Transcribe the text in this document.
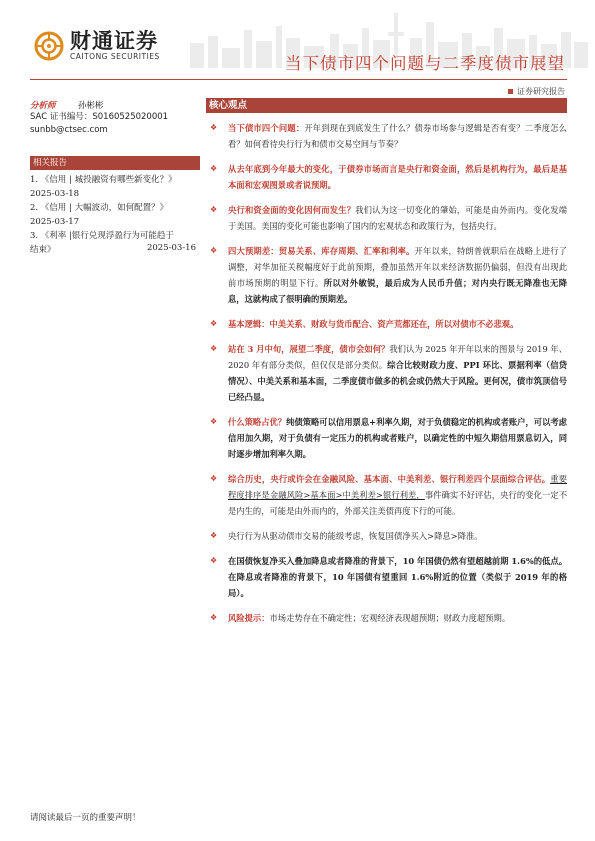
财通证券
CAITONG SECURITIES	当下债市四个问题与二季度债市展望
证券研究报告
分析师	孙彬彬
SAC 证书编号：S0160525020001
sunbb@ctsec.com
相关报告
1. 《信用 | 城投融资有哪些新变化？》
2025-03-18
2. 《信用 | 大幅波动，如何配置？》
2025-03-17
3. 《利率 |银行兑现浮盈行为可能趋于
结束》	2025-03-16
核心观点
❖ 当下债市四个问题：开年到现在到底发生了什么？债券市场参与逻辑是否有变？二季度怎么看？如何看待央行行为和债市交易空间与节奏？
❖ 从去年底到今年最大的变化，于债券市场而言是央行和资金面，然后是机构行为，最后是基本面和宏观图景或者说预期。
❖ 央行和资金面的变化因何而发生？我们认为这一切变化的肇始，可能是由外而内。变化发端于美国。美国的变化可能也影响了国内的宏观状态和政策行为，包括央行。
❖ 四大预期差：贸易关系、库存周期、汇率和利率。开年以来，特朗普就职后在战略上进行了调整，对华加征关税幅度好于此前预期，叠加虽然开年以来经济数据仍偏弱，但没有出现此前市场预期的明显下行。所以对外敏锐，最后成为人民币升值；对内央行既无降准也无降息，这就构成了很明确的预期差。
❖ 基本逻辑：中美关系、财政与货币配合、资产荒都还在，所以对债市不必悲观。
❖ 站在 3 月中旬，展望二季度，债市会如何？我们认为 2025 年开年以来的图景与 2019 年、2020 年有部分类似，但仅仅是部分类似。综合比较财政力度、PPI 环比、票据利率（信贷情况）、中美关系和基本面，二季度债市做多的机会或仍然大于风险。更何况，债市筑顶信号已经凸显。
❖ 什么策略占优？纯债策略可以信用票息+利率久期，对于负债稳定的机构或者账户，可以考虑信用加久期，对于负债有一定压力的机构或者账户，以确定性的中短久期信用票息切入，同时逐步增加利率久期。
❖ 综合历史，央行或许会在金融风险、基本面、中美利差、银行利差四个层面综合评估。重要程度排序是金融风险>基本面>中美利差>银行利差，事件确实不好评估，央行的变化一定不是内生的，可能是由外而内的，外部关注美债再度下行的可能。
❖ 央行行为从驱动债市交易的能级考虑，恢复国债净买入>降息>降准。
❖ 在国债恢复净买入叠加降息或者降准的背景下，10 年国债仍然有望超越前期 1.6%的低点。在降息或者降准的背景下，10 年国债有望重回 1.6%附近的位置（类似于 2019 年的格局）。
❖ 风险提示：市场走势存在不确定性；宏观经济表现超预期；财政力度超预期。
请阅读最后一页的重要声明！
